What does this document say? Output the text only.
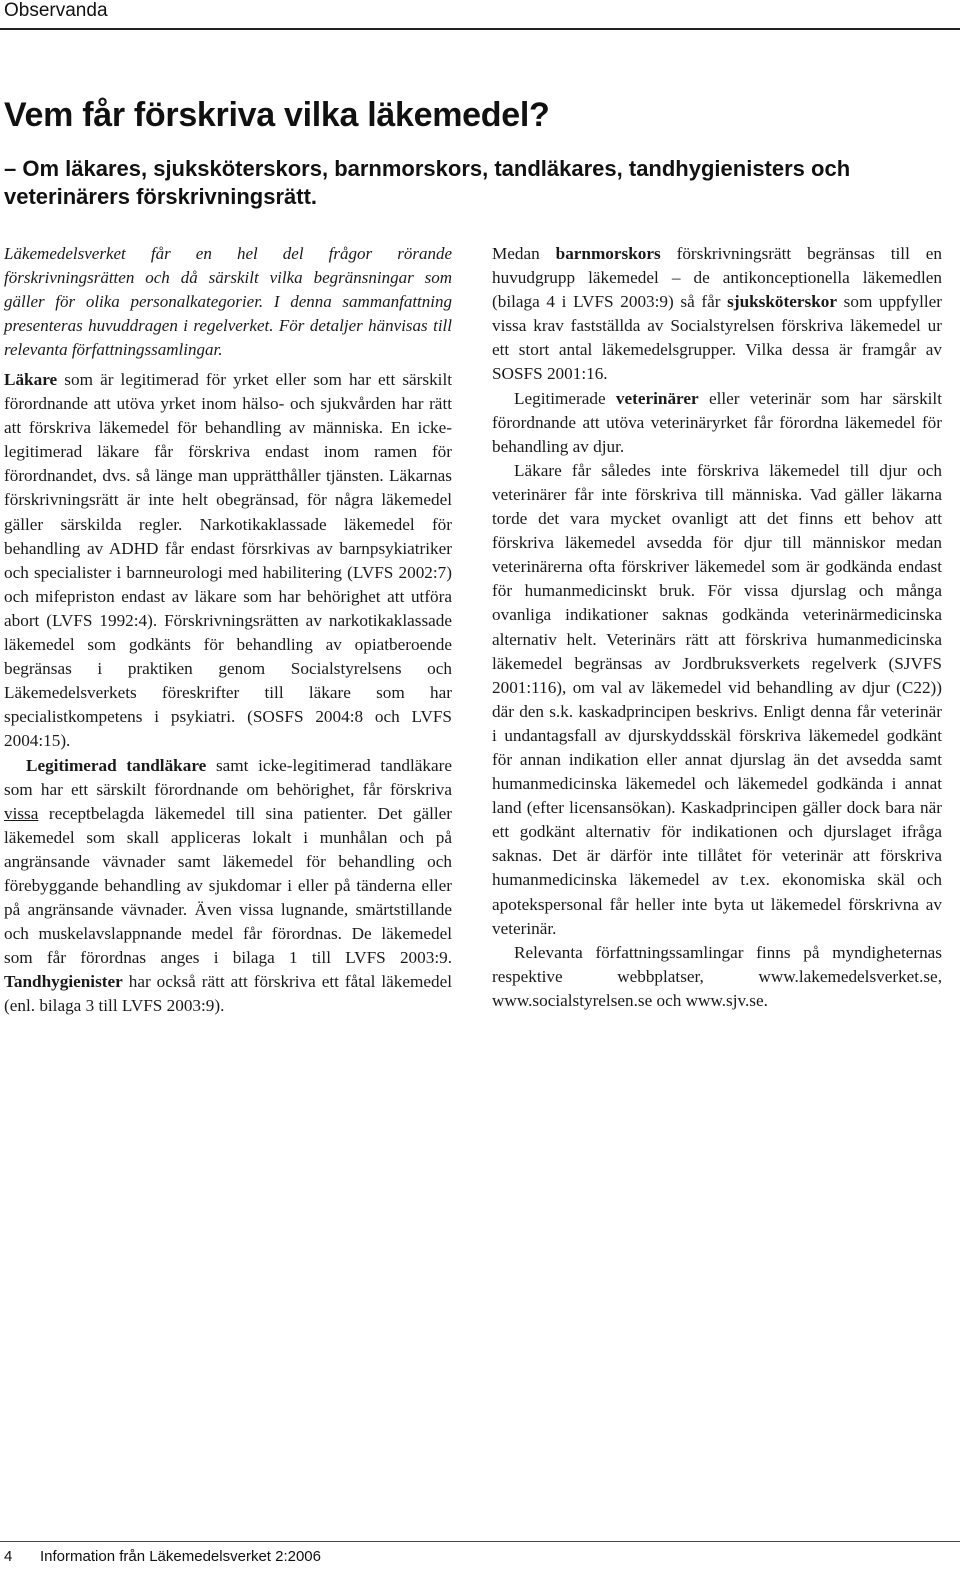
Observanda
Vem får förskriva vilka läkemedel?
– Om läkares, sjuksköterskors, barnmorskors, tandläkares, tandhygienisters och veterinärers förskrivningsrätt.

Läkemedelsverket får en hel del frågor rörande förskrivningsrätten och då särskilt vilka begränsningar som gäller för olika personalkategorier. I denna sammanfattning presenteras huvuddragen i regelverket. För detaljer hänvisas till relevanta författningssamlingar.

Läkare som är legitimerad för yrket eller som har ett särskilt förordnande att utöva yrket inom hälso- och sjukvården har rätt att förskriva läkemedel för behandling av människa. En icke-legitimerad läkare får förskriva endast inom ramen för förordnandet, dvs. så länge man upprätthåller tjänsten. Läkarnas förskrivningsrätt är inte helt obegränsad, för några läkemedel gäller särskilda regler. Narkotikaklassade läkemedel för behandling av ADHD får endast försrkivas av barnpsykiatriker och specialister i barnneurologi med habilitering (LVFS 2002:7) och mifepriston endast av läkare som har behörighet att utföra abort (LVFS 1992:4). Förskrivningsrätten av narkotikaklassade läkemedel som godkänts för behandling av opiatberoende begränsas i praktiken genom Socialstyrelsens och Läkemedelsverkets föreskrifter till läkare som har specialistkompetens i psykiatri. (SOSFS 2004:8 och LVFS 2004:15).

Legitimerad tandläkare samt icke-legitimerad tandläkare som har ett särskilt förordnande om behörighet, får förskriva vissa receptbelagda läkemedel till sina patienter. Det gäller läkemedel som skall appliceras lokalt i munhålan och på angränsande vävnader samt läkemedel för behandling och förebyggande behandling av sjukdomar i eller på tänderna eller på angränsande vävnader. Även vissa lugnande, smärtstillande och muskelavslappnande medel får förordnas. De läkemedel som får förordnas anges i bilaga 1 till LVFS 2003:9. Tandhygienister har också rätt att förskriva ett fåtal läkemedel (enl. bilaga 3 till LVFS 2003:9).

Medan barnmorskors förskrivningsrätt begränsas till en huvudgrupp läkemedel – de antikonceptionella läkemedlen (bilaga 4 i LVFS 2003:9) så får sjuksköterskor som uppfyller vissa krav fastställda av Socialstyrelsen förskriva läkemedel ur ett stort antal läkemedelsgrupper. Vilka dessa är framgår av SOSFS 2001:16.

Legitimerade veterinärer eller veterinär som har särskilt förordnande att utöva veterinäryrket får förordna läkemedel för behandling av djur.

Läkare får således inte förskriva läkemedel till djur och veterinärer får inte förskriva till människa. Vad gäller läkarna torde det vara mycket ovanligt att det finns ett behov att förskriva läkemedel avsedda för djur till människor medan veterinärerna ofta förskriver läkemedel som är godkända endast för humanmedicinskt bruk. För vissa djurslag och många ovanliga indikationer saknas godkända veterinärmedicinska alternativ helt. Veterinärs rätt att förskriva humanmedicinska läkemedel begränsas av Jordbruksverkets regelverk (SJVFS 2001:116), om val av läkemedel vid behandling av djur (C22)) där den s.k. kaskadprincipen beskrivs. Enligt denna får veterinär i undantagsfall av djurskyddsskäl förskriva läkemedel godkänt för annan indikation eller annat djurslag än det avsedda samt humanmedicinska läkemedel och läkemedel godkända i annat land (efter licensansökan). Kaskadprincipen gäller dock bara när ett godkänt alternativ för indikationen och djurslaget ifråga saknas. Det är därför inte tillåtet för veterinär att förskriva humanmedicinska läkemedel av t.ex. ekonomiska skäl och apotekspersonal får heller inte byta ut läkemedel förskrivna av veterinär.

Relevanta författningssamlingar finns på myndigheternas respektive webbplatser, www.lakemedelsverket.se, www.socialstyrelsen.se och www.sjv.se.

4 Information från Läkemedelsverket 2:2006
